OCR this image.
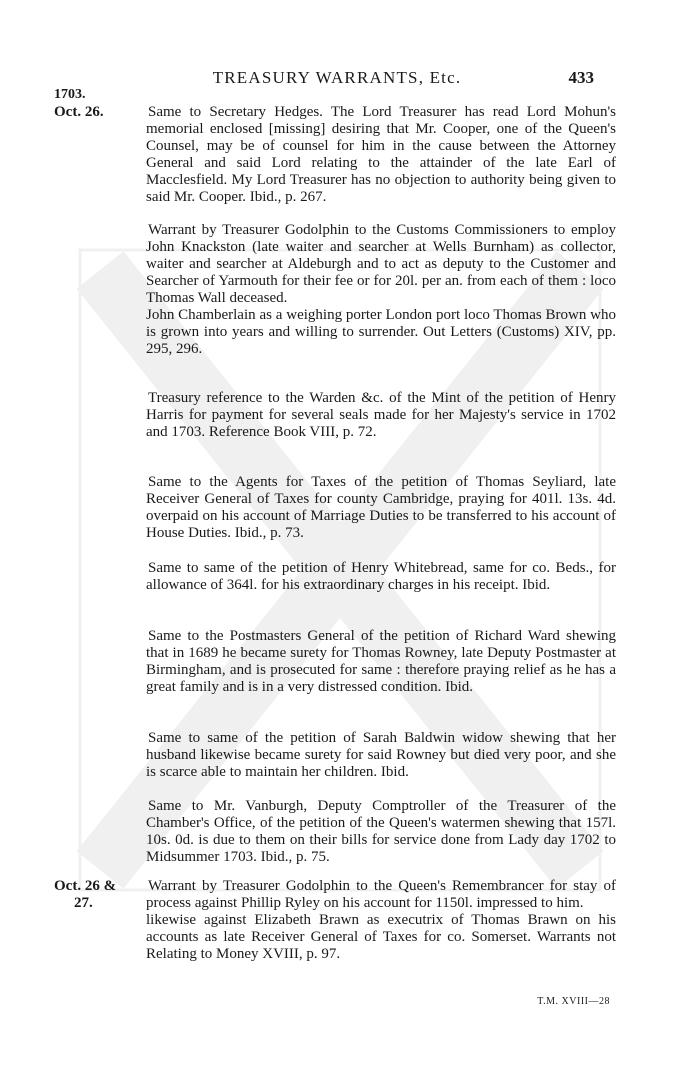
TREASURY WARRANTS, Etc.	433
1703.
Oct. 26.
Oct. 26 &
27.

Same to Secretary Hedges. The Lord Treasurer has read Lord Mohun's memorial enclosed [missing] desiring that Mr. Cooper, one of the Queen's Counsel, may be of counsel for him in the cause between the Attorney General and said Lord relating to the attainder of the late Earl of Macclesfield. My Lord Treasurer has no objection to authority being given to said Mr. Cooper. Ibid., p. 267.

Warrant by Treasurer Godolphin to the Customs Commissioners to employ John Knackston (late waiter and searcher at Wells Burnham) as collector, waiter and searcher at Aldeburgh and to act as deputy to the Customer and Searcher of Yarmouth for their fee or for 20l. per an. from each of them : loco Thomas Wall deceased.

John Chamberlain as a weighing porter London port loco Thomas Brown who is grown into years and willing to surrender. Out Letters (Customs) XIV, pp. 295, 296.

Treasury reference to the Warden &c. of the Mint of the petition of Henry Harris for payment for several seals made for her Majesty's service in 1702 and 1703. Reference Book VIII, p. 72.

Same to the Agents for Taxes of the petition of Thomas Seyliard, late Receiver General of Taxes for county Cambridge, praying for 401l. 13s. 4d. overpaid on his account of Marriage Duties to be transferred to his account of House Duties. Ibid., p. 73.

Same to same of the petition of Henry Whitebread, same for co. Beds., for allowance of 364l. for his extraordinary charges in his receipt. Ibid.

Same to the Postmasters General of the petition of Richard Ward shewing that in 1689 he became surety for Thomas Rowney, late Deputy Postmaster at Birmingham, and is prosecuted for same : therefore praying relief as he has a great family and is in a very distressed condition. Ibid.

Same to same of the petition of Sarah Baldwin widow shewing that her husband likewise became surety for said Rowney but died very poor, and she is scarce able to maintain her children. Ibid.

Same to Mr. Vanburgh, Deputy Comptroller of the Treasurer of the Chamber's Office, of the petition of the Queen's watermen shewing that 157l. 10s. 0d. is due to them on their bills for service done from Lady day 1702 to Midsummer 1703. Ibid., p. 75.

Warrant by Treasurer Godolphin to the Queen's Remembrancer for stay of process against Phillip Ryley on his account for 1150l. impressed to him.

likewise against Elizabeth Brawn as executrix of Thomas Brawn on his accounts as late Receiver General of Taxes for co. Somerset. Warrants not Relating to Money XVIII, p. 97.

T.M. XVIII—28
